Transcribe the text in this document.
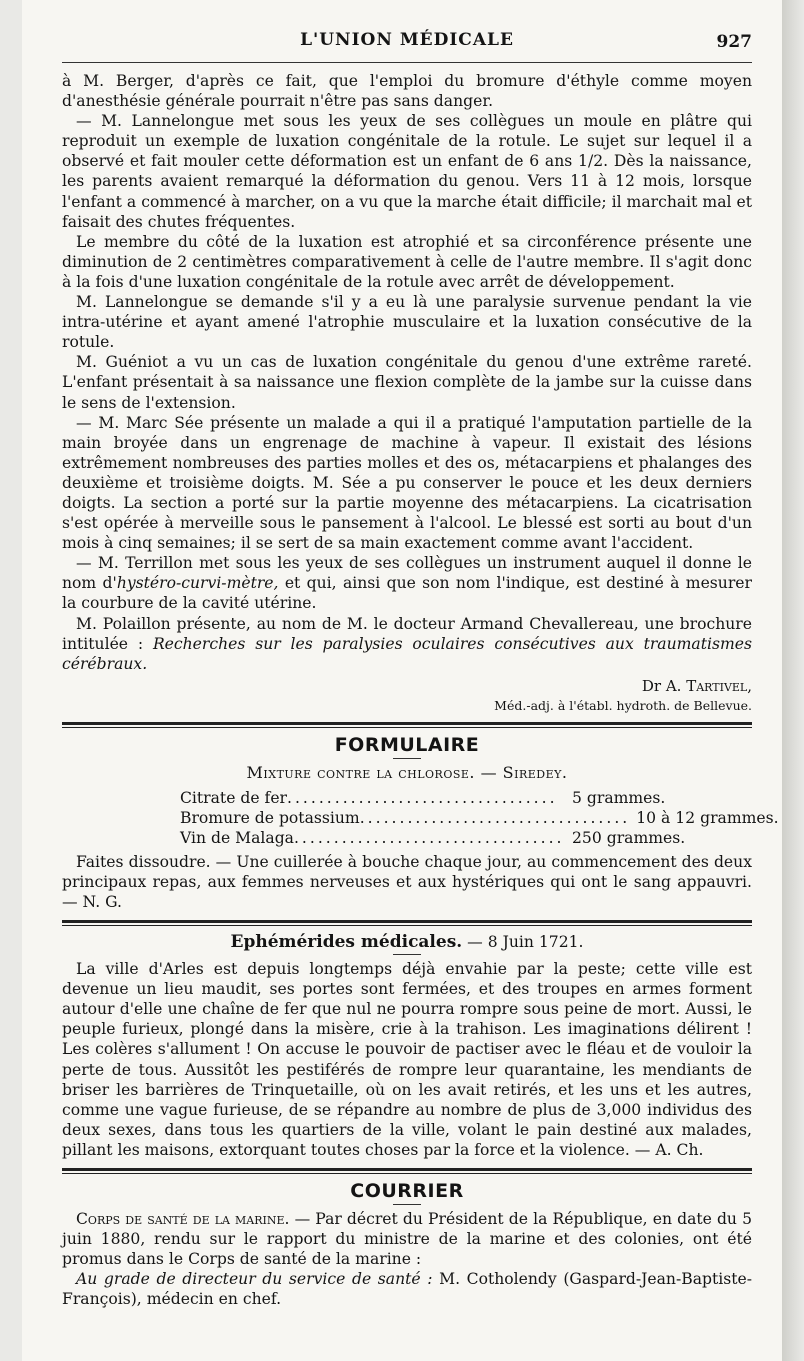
L'UNION MÉDICALE	927

à M. Berger, d'après ce fait, que l'emploi du bromure d'éthyle comme moyen d'anesthésie générale pourrait n'être pas sans danger.

— M. Lannelongue met sous les yeux de ses collègues un moule en plâtre qui reproduit un exemple de luxation congénitale de la rotule. Le sujet sur lequel il a observé et fait mouler cette déformation est un enfant de 6 ans 1/2. Dès la naissance, les parents avaient remarqué la déformation du genou. Vers 11 à 12 mois, lorsque l'enfant a commencé à marcher, on a vu que la marche était difficile; il marchait mal et faisait des chutes fréquentes.

Le membre du côté de la luxation est atrophié et sa circonférence présente une diminution de 2 centimètres comparativement à celle de l'autre membre. Il s'agit donc à la fois d'une luxation congénitale de la rotule avec arrêt de développement.

M. Lannelongue se demande s'il y a eu là une paralysie survenue pendant la vie intra-utérine et ayant amené l'atrophie musculaire et la luxation consécutive de la rotule.

M. Guéniot a vu un cas de luxation congénitale du genou d'une extrême rareté. L'enfant présentait à sa naissance une flexion complète de la jambe sur la cuisse dans le sens de l'extension.

— M. Marc Sée présente un malade a qui il a pratiqué l'amputation partielle de la main broyée dans un engrenage de machine à vapeur. Il existait des lésions extrêmement nombreuses des parties molles et des os, métacarpiens et phalanges des deuxième et troisième doigts. M. Sée a pu conserver le pouce et les deux derniers doigts. La section a porté sur la partie moyenne des métacarpiens. La cicatrisation s'est opérée à merveille sous le pansement à l'alcool. Le blessé est sorti au bout d'un mois à cinq semaines; il se sert de sa main exactement comme avant l'accident.

— M. Terrillon met sous les yeux de ses collègues un instrument auquel il donne le nom d'hystéro-curvi-mètre, et qui, ainsi que son nom l'indique, est destiné à mesurer la courbure de la cavité utérine.

M. Polaillon présente, au nom de M. le docteur Armand Chevallereau, une brochure intitulée : Recherches sur les paralysies oculaires consécutives aux traumatismes cérébraux.

Dr A. Tartivel,
Méd.-adj. à l'établ. hydroth. de Bellevue.
FORMULAIRE
Mixture contre la chlorose. — Siredey.
Citrate de fer .................................. 5 grammes.
Bromure de potassium .................................. 10 à 12 grammes.
Vin de Malaga .................................. 250 grammes.

Faites dissoudre. — Une cuillerée à bouche chaque jour, au commencement des deux principaux repas, aux femmes nerveuses et aux hystériques qui ont le sang appauvri. — N. G.

Ephémérides médicales. — 8 Juin 1721.

La ville d'Arles est depuis longtemps déjà envahie par la peste; cette ville est devenue un lieu maudit, ses portes sont fermées, et des troupes en armes forment autour d'elle une chaîne de fer que nul ne pourra rompre sous peine de mort. Aussi, le peuple furieux, plongé dans la misère, crie à la trahison. Les imaginations délirent ! Les colères s'allument ! On accuse le pouvoir de pactiser avec le fléau et de vouloir la perte de tous. Aussitôt les pestiférés de rompre leur quarantaine, les mendiants de briser les barrières de Trinquetaille, où on les avait retirés, et les uns et les autres, comme une vague furieuse, de se répandre au nombre de plus de 3,000 individus des deux sexes, dans tous les quartiers de la ville, volant le pain destiné aux malades, pillant les maisons, extorquant toutes choses par la force et la violence. — A. Ch.

COURRIER

Corps de santé de la marine. — Par décret du Président de la République, en date du 5 juin 1880, rendu sur le rapport du ministre de la marine et des colonies, ont été promus dans le Corps de santé de la marine :

Au grade de directeur du service de santé : M. Cotholendy (Gaspard-Jean-Baptiste-François), médecin en chef.
